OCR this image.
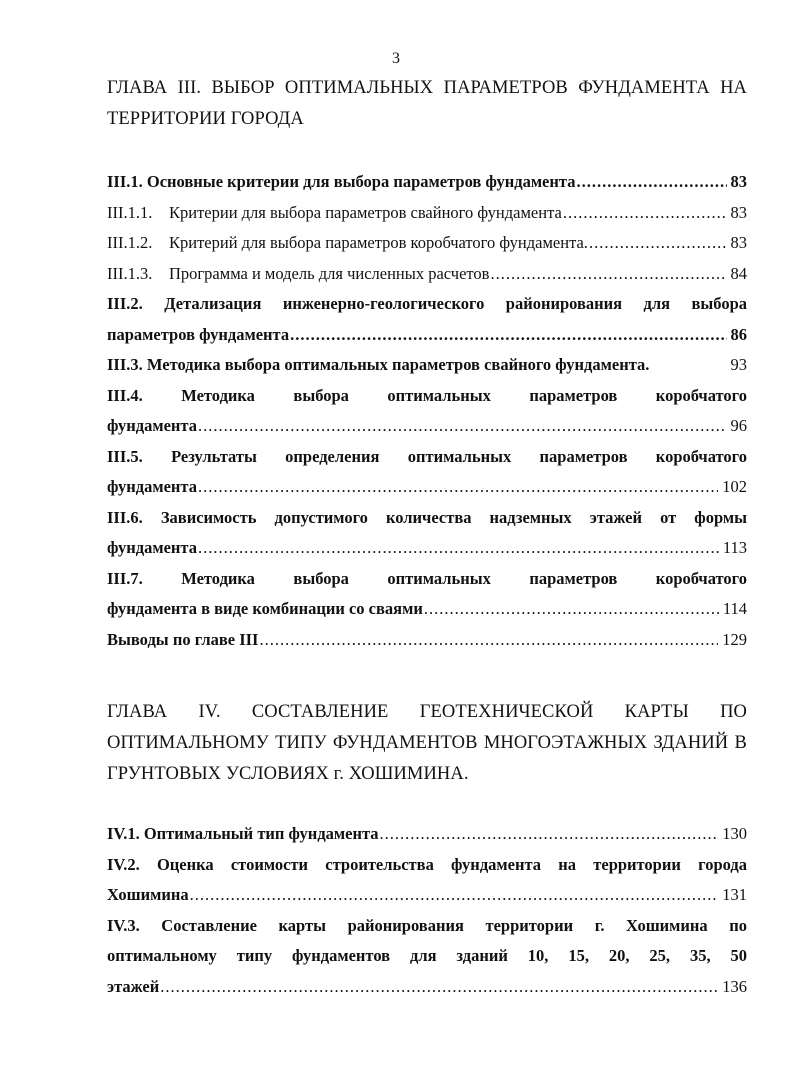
3
ГЛАВА III. ВЫБОР ОПТИМАЛЬНЫХ ПАРАМЕТРОВ ФУНДАМЕНТА НА
ТЕРРИТОРИИ ГОРОДА
III.1. Основные критерии для выбора параметров фундамента .....	83
III.1.1.	Критерии для выбора параметров свайного фундамента .....	83
III.1.2.	Критерий для выбора параметров коробчатого фундамента. .....	83
III.1.3.	Программа и модель для численных расчетов .....	84
III.2. Детализация инженерно-геологического районирования для выбора
параметров фундамента .....	86
III.3. Методика выбора оптимальных параметров свайного фундамента.	93
III.4. Методика выбора оптимальных параметров коробчатого
фундамента .....	96
III.5. Результаты определения оптимальных параметров коробчатого
фундамента .....	102
III.6. Зависимость допустимого количества надземных этажей от формы
фундамента .....	113
III.7. Методика выбора оптимальных параметров коробчатого
фундамента в виде комбинации со сваями .....	114
Выводы по главе III .....	129
ГЛАВА IV. СОСТАВЛЕНИЕ ГЕОТЕХНИЧЕСКОЙ КАРТЫ ПО
ОПТИМАЛЬНОМУ ТИПУ ФУНДАМЕНТОВ МНОГОЭТАЖНЫХ ЗДАНИЙ В
ГРУНТОВЫХ УСЛОВИЯХ г. ХОШИМИНА.
IV.1. Оптимальный тип фундамента .....	130
IV.2. Оценка стоимости строительства фундамента на территории города
Хошимина .....	131
IV.3. Составление карты районирования территории г. Хошимина по
оптимальному типу фундаментов для зданий 10, 15, 20, 25, 35, 50
этажей .....	136
